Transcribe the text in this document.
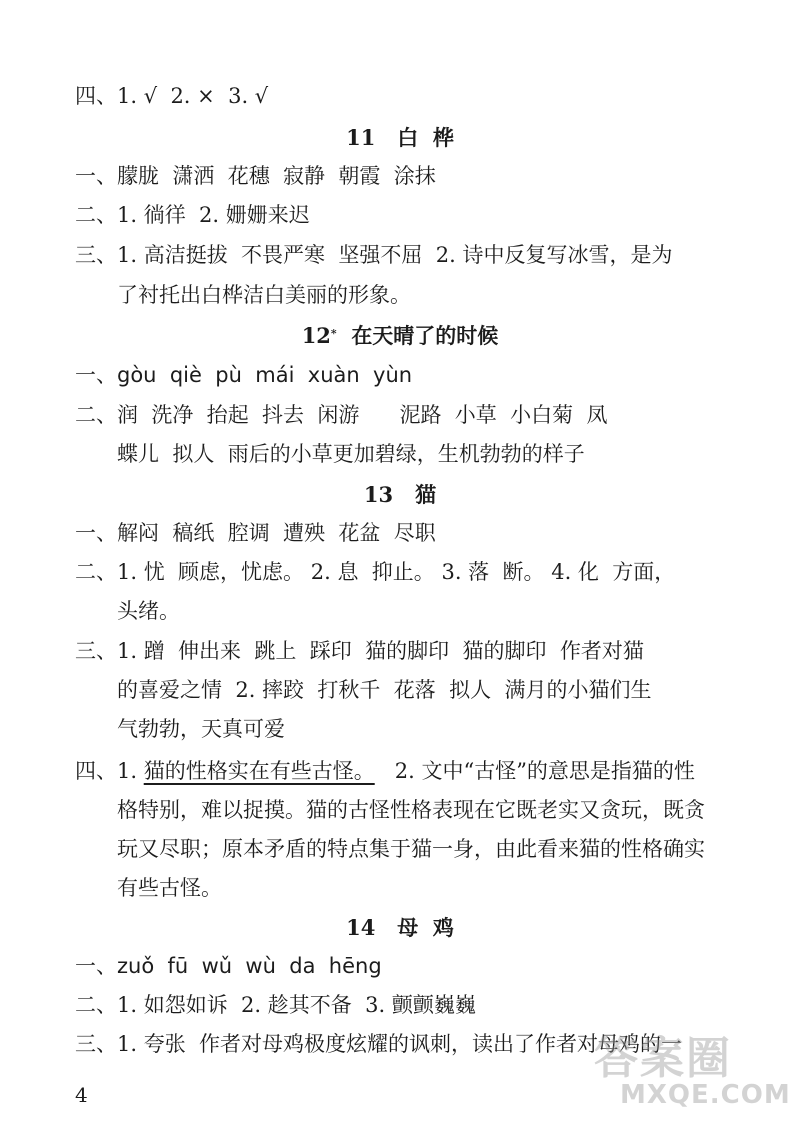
四、1. √  2. ×  3. √
11 白  桦
一、朦胧  潇洒  花穗  寂静  朝霞  涂抹
二、1. 徜徉  2. 姗姗来迟
三、1. 高洁挺拔  不畏严寒  坚强不屈  2. 诗中反复写冰雪，是为
了衬托出白桦洁白美丽的形象。
12* 在天晴了的时候
一、gòu  qiè  pù  mái  xuàn  yùn
二、润  洗净  抬起  抖去  闲游      泥路  小草  小白菊  凤
蝶儿  拟人  雨后的小草更加碧绿，生机勃勃的样子
13 猫
一、解闷  稿纸  腔调  遭殃  花盆  尽职
二、1. 忧  顾虑，忧虑。 2. 息  抑止。 3. 落  断。 4. 化  方面，
头绪。
三、1. 蹭  伸出来  跳上  踩印  猫的脚印  猫的脚印  作者对猫
的喜爱之情  2. 摔跤  打秋千  花落  拟人  满月的小猫们生
气勃勃，天真可爱
四、1. 猫的性格实在有些古怪。   2. 文中“古怪”的意思是指猫的性
格特别，难以捉摸。猫的古怪性格表现在它既老实又贪玩，既贪
玩又尽职；原本矛盾的特点集于猫一身，由此看来猫的性格确实
有些古怪。
14 母  鸡
一、zuǒ  fū  wǔ  wù  da  hēng
二、1. 如怨如诉  2. 趁其不备  3. 颤颤巍巍
三、1. 夸张  作者对母鸡极度炫耀的讽刺，读出了作者对母鸡的一
4
答案圈
MXQE.COM
